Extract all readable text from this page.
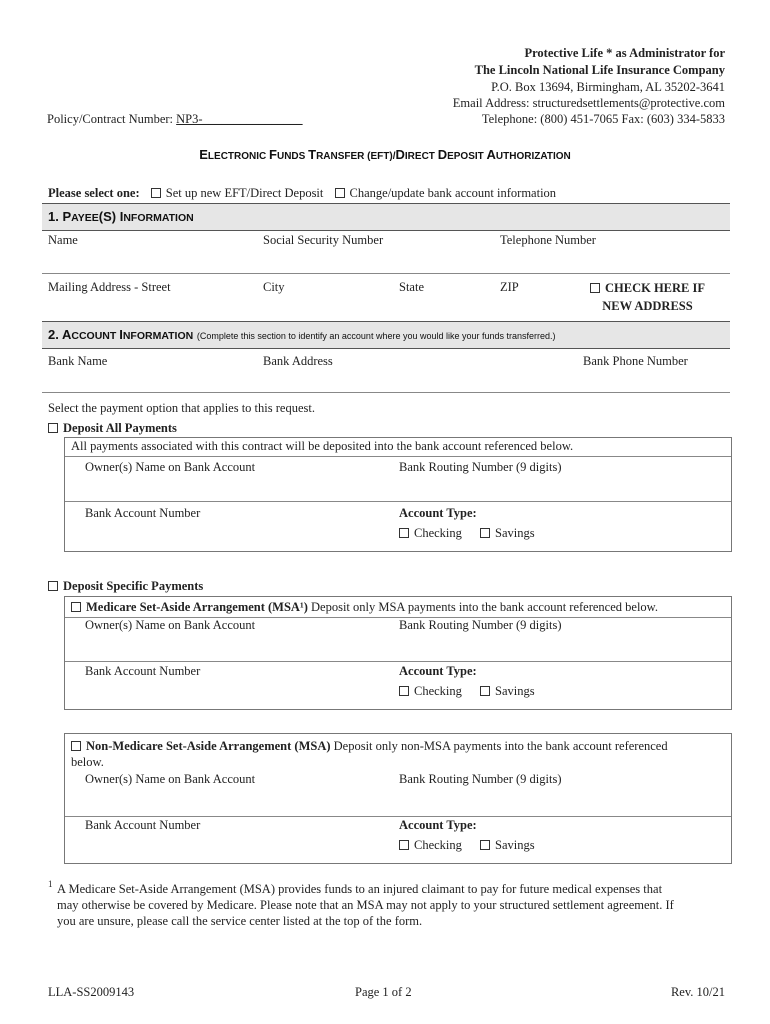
Protective Life * as Administrator for
The Lincoln National Life Insurance Company
P.O. Box 13694, Birmingham, AL 35202-3641
Email Address: structuredsettlements@protective.com
Telephone: (800) 451-7065 Fax: (603) 334-5833
Policy/Contract Number: NP3-________________
ELECTRONIC FUNDS TRANSFER (EFT)/DIRECT DEPOSIT AUTHORIZATION
Please select one: Set up new EFT/Direct Deposit Change/update bank account information
1. PAYEE(S) INFORMATION
Name	Social Security Number	Telephone Number
Mailing Address - Street	City	State	ZIP	CHECK HERE IF
NEW ADDRESS
2. ACCOUNT INFORMATION (Complete this section to identify an account where you would like your funds transferred.)
Bank Name	Bank Address	Bank Phone Number
Select the payment option that applies to this request.
Deposit All Payments
All payments associated with this contract will be deposited into the bank account referenced below.
Owner(s) Name on Bank Account	Bank Routing Number (9 digits)
Bank Account Number	Account Type:
Checking	Savings
Deposit Specific Payments
Medicare Set-Aside Arrangement (MSA¹) Deposit only MSA payments into the bank account referenced below.
Owner(s) Name on Bank Account	Bank Routing Number (9 digits)
Bank Account Number	Account Type:
Checking	Savings
Non-Medicare Set-Aside Arrangement (MSA) Deposit only non-MSA payments into the bank account referenced
below.
Owner(s) Name on Bank Account	Bank Routing Number (9 digits)
Bank Account Number	Account Type:
Checking	Savings
1 A Medicare Set-Aside Arrangement (MSA) provides funds to an injured claimant to pay for future medical expenses that
may otherwise be covered by Medicare. Please note that an MSA may not apply to your structured settlement agreement. If
you are unsure, please call the service center listed at the top of the form.
LLA-SS2009143	Page 1 of 2	Rev. 10/21
